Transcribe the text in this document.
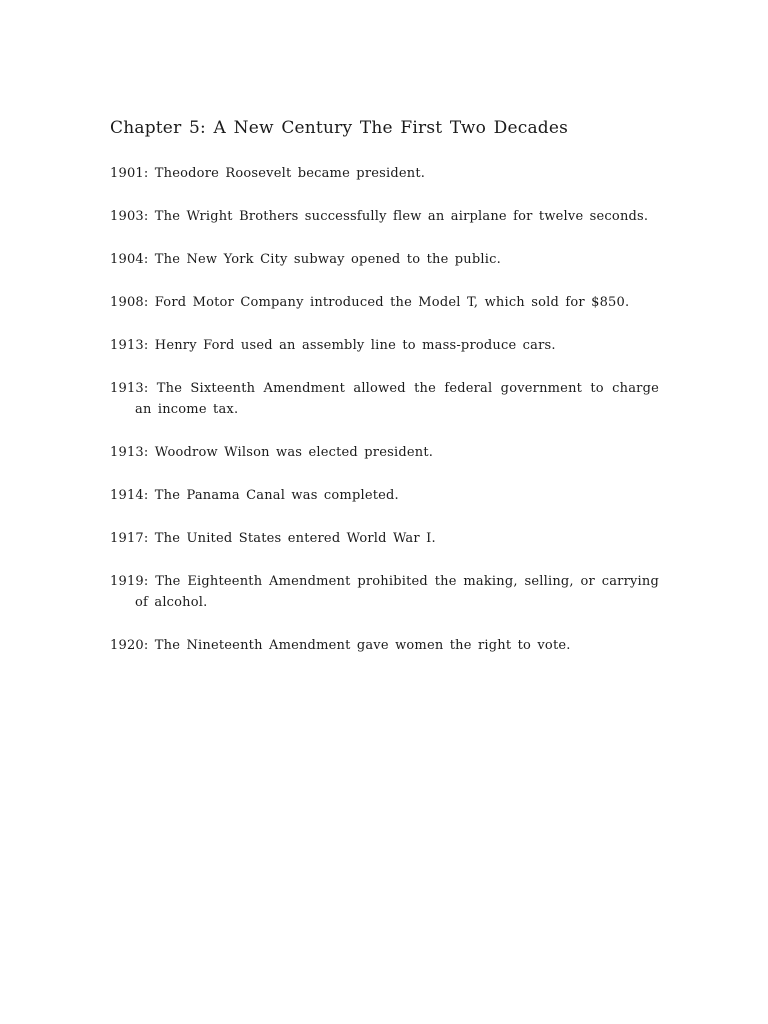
Chapter 5: A New Century The First Two Decades
1901: Theodore Roosevelt became president.
1903: The Wright Brothers successfully flew an airplane for twelve seconds.
1904: The New York City subway opened to the public.
1908: Ford Motor Company introduced the Model T, which sold for $850.
1913: Henry Ford used an assembly line to mass-produce cars.
1913: The Sixteenth Amendment allowed the federal government to charge an income tax.
1913: Woodrow Wilson was elected president.
1914: The Panama Canal was completed.
1917: The United States entered World War I.
1919: The Eighteenth Amendment prohibited the making, selling, or carrying of alcohol.
1920: The Nineteenth Amendment gave women the right to vote.
